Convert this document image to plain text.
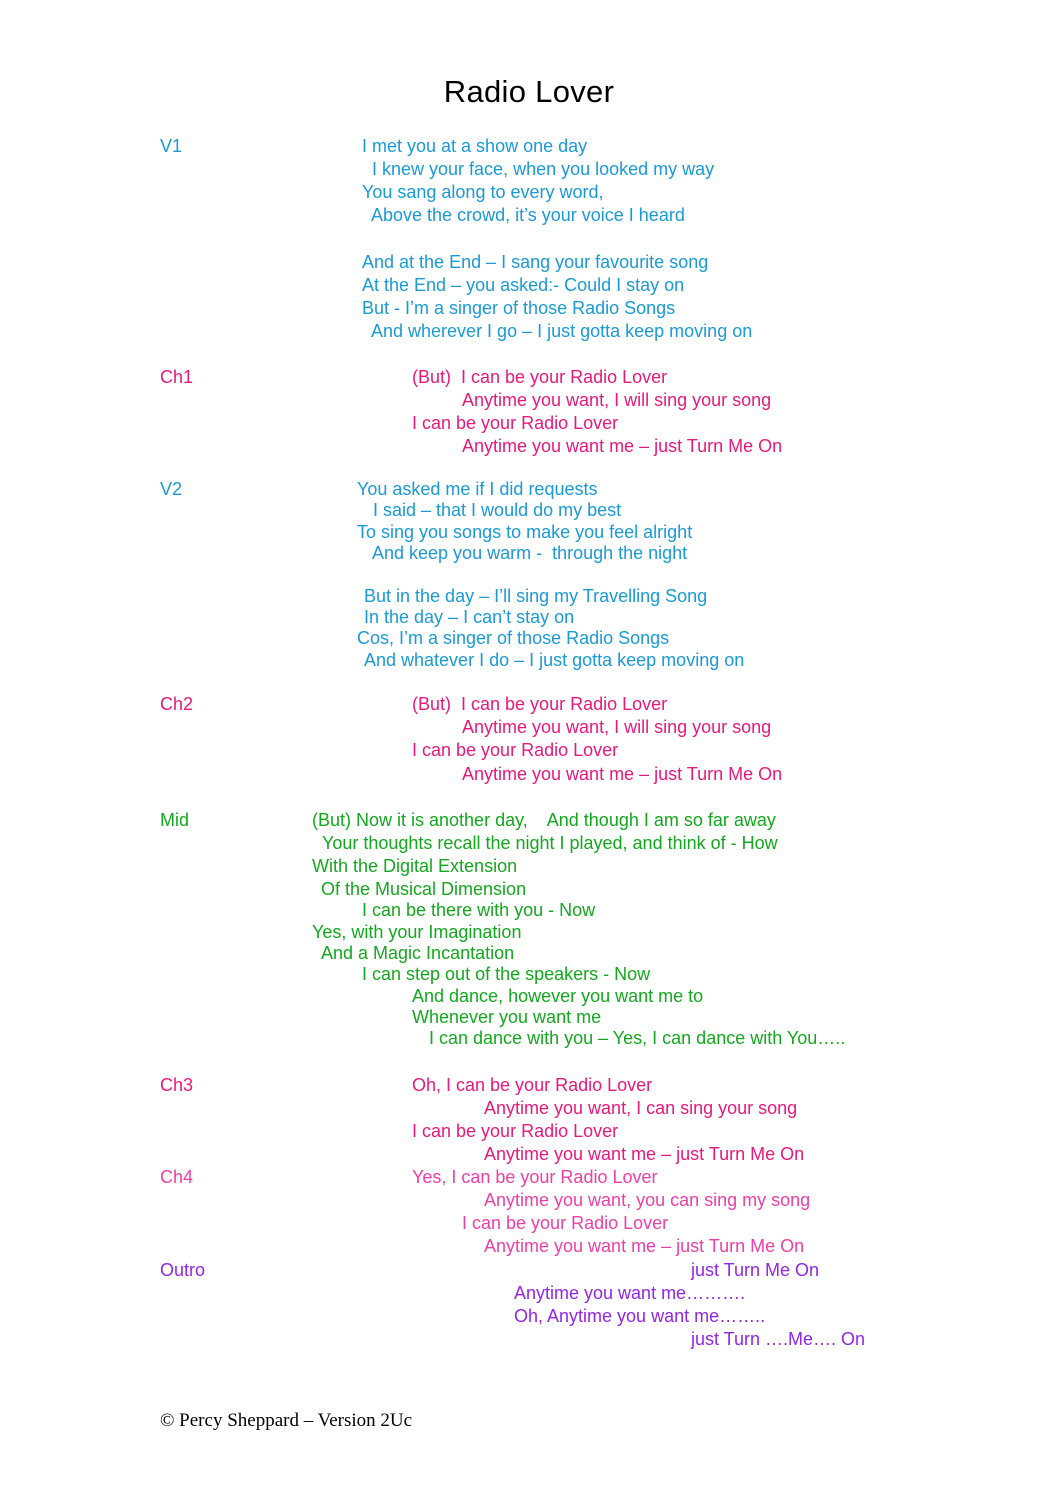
Radio Lover
V1	I met you at a show one day
I knew your face, when you looked my way
You sang along to every word,
Above the crowd, it’s your voice I heard
And at the End – I sang your favourite song
At the End – you asked:- Could I stay on
But - I’m a singer of those Radio Songs
And wherever I go – I just gotta keep moving on
Ch1	(But)  I can be your Radio Lover
Anytime you want, I will sing your song
I can be your Radio Lover
Anytime you want me – just Turn Me On
V2	You asked me if I did requests
I said – that I would do my best
To sing you songs to make you feel alright
And keep you warm -  through the night
But in the day – I’ll sing my Travelling Song
In the day – I can’t stay on
Cos, I’m a singer of those Radio Songs
And whatever I do – I just gotta keep moving on
Ch2	(But)  I can be your Radio Lover
Anytime you want, I will sing your song
I can be your Radio Lover
Anytime you want me – just Turn Me On
Mid	(But) Now it is another day,    And though I am so far away
Your thoughts recall the night I played, and think of - How
With the Digital Extension
Of the Musical Dimension
I can be there with you - Now
Yes, with your Imagination
And a Magic Incantation
I can step out of the speakers - Now
And dance, however you want me to
Whenever you want me
I can dance with you – Yes, I can dance with You…..
Ch3	Oh, I can be your Radio Lover
Anytime you want, I can sing your song
I can be your Radio Lover
Anytime you want me – just Turn Me On
Ch4	Yes, I can be your Radio Lover
Anytime you want, you can sing my song
I can be your Radio Lover
Anytime you want me – just Turn Me On
Outro	just Turn Me On
Anytime you want me……….
Oh, Anytime you want me……..
just Turn ….Me…. On
© Percy Sheppard – Version 2Uc
